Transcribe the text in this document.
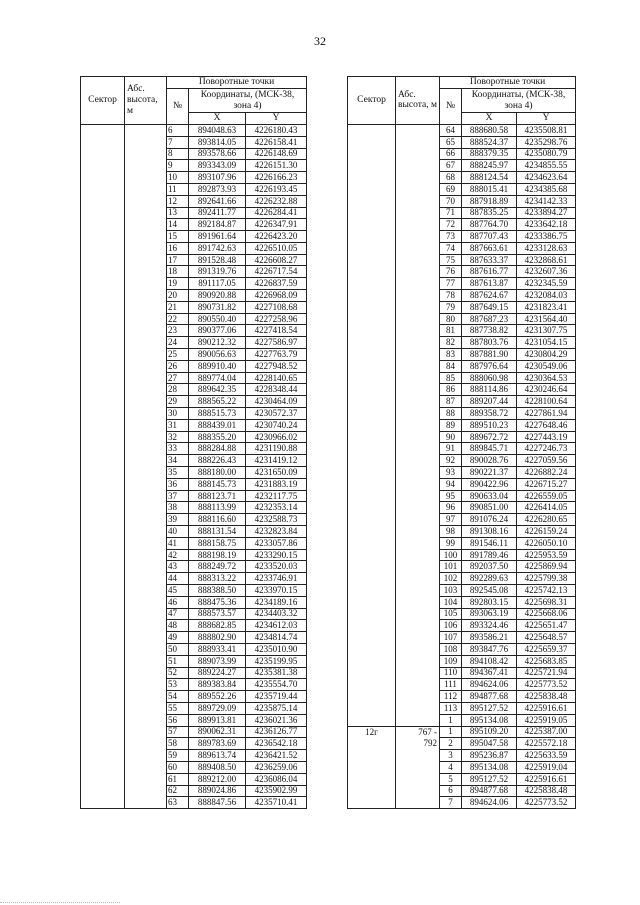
32
Сектор	Абс. высота, м	Поворотные точки		
		№	Координаты, (МСК-38, зона 4)	
			X	Y
		6	894048.63	4226180.43
		7	893814.05	4226158.41
		8	893578.66	4226148.69
		9	893343.09	4226151.30
		10	893107.96	4226166.23
		11	892873.93	4226193.45
		12	892641.66	4226232.88
		13	892411.77	4226284.41
		14	892184.87	4226347.91
		15	891961.64	4226423.20
		16	891742.63	4226510.05
		17	891528.48	4226608.27
		18	891319.76	4226717.54
		19	891117.05	4226837.59
		20	890920.88	4226968.09
		21	890731.82	4227108.68
		22	890550.40	4227258.96
		23	890377.06	4227418.54
		24	890212.32	4227586.97
		25	890056.63	4227763.79
		26	889910.40	4227948.52
		27	889774.04	4228140.65
		28	889642.35	4228348.44
		29	888565.22	4230464.09
		30	888515.73	4230572.37
		31	888439.01	4230740.24
		32	888355.20	4230966.02
		33	888284.88	4231190.88
		34	888226.43	4231419.12
		35	888180.00	4231650.09
		36	888145.73	4231883.19
		37	888123.71	4232117.75
		38	888113.99	4232353.14
		39	888116.60	4232588.73
		40	888131.54	4232823.84
		41	888158.75	4233057.86
		42	888198.19	4233290.15
		43	888249.72	4233520.03
		44	888313.22	4233746.91
		45	888388.50	4233970.15
		46	888475.36	4234189.16
		47	888573.57	4234403.32
		48	888682.85	4234612.03
		49	888802.90	4234814.74
		50	888933.41	4235010.90
		51	889073.99	4235199.95
		52	889224.27	4235381.38
		53	889383.84	4235554.70
		54	889552.26	4235719.44
		55	889729.09	4235875.14
		56	889913.81	4236021.36
		57	890062.31	4236126.77
		58	889783.69	4236542.18
		59	889613.74	4236421.52
		60	889408.50	4236259.06
		61	889212.00	4236086.04
		62	889024.86	4235902.99
		63	888847.56	4235710.41
Сектор	Абс. высота, м	Поворотные точки		
		№	Координаты, (МСК-38, зона 4)	
			X	Y
		64	888680.58	4235508.81
		65	888524.37	4235298.76
		66	888379.35	4235080.79
		67	888245.97	4234855.55
		68	888124.54	4234623.64
		69	888015.41	4234385.68
		70	887918.89	4234142.33
		71	887835.25	4233894.27
		72	887764.70	4233642.18
		73	887707.43	4233386.75
		74	887663.61	4233128.63
		75	887633.37	4232868.61
		76	887616.77	4232607.36
		77	887613.87	4232345.59
		78	887624.67	4232084.03
		79	887649.15	4231823.41
		80	887687.23	4231564.40
		81	887738.82	4231307.75
		82	887803.76	4231054.15
		83	887881.90	4230804.29
		84	887976.64	4230549.06
		85	888060.98	4230364.53
		86	888114.86	4230246.64
		87	889207.44	4228100.64
		88	889358.72	4227861.94
		89	889510.23	4227648.46
		90	889672.72	4227443.19
		91	889845.71	4227246.73
		92	890028.76	4227059.56
		93	890221.37	4226882.24
		94	890422.96	4226715.27
		95	890633.04	4226559.05
		96	890851.00	4226414.05
		97	891076.24	4226280.65
		98	891308.16	4226159.24
		99	891546.11	4226050.10
		100	891789.46	4225953.59
		101	892037.50	4225869.94
		102	892289.63	4225799.38
		103	892545.08	4225742.13
		104	892803.15	4225698.31
		105	893063.19	4225668.06
		106	893324.46	4225651.47
		107	893586.21	4225648.57
		108	893847.76	4225659.37
		109	894108.42	4225683.85
		110	894367.41	4225721.94
		111	894624.06	4225773.52
		112	894877.68	4225838.48
		113	895127.52	4225916.61
		1	895134.08	4225919.05
12г	767 -	1	895109.20	4225387.00
	792	2	895047.58	4225572.18
		3	895236.87	4225633.59
		4	895134.08	4225919.04
		5	895127.52	4225916.61
		6	894877.68	4225838.48
		7	894624.06	4225773.52
